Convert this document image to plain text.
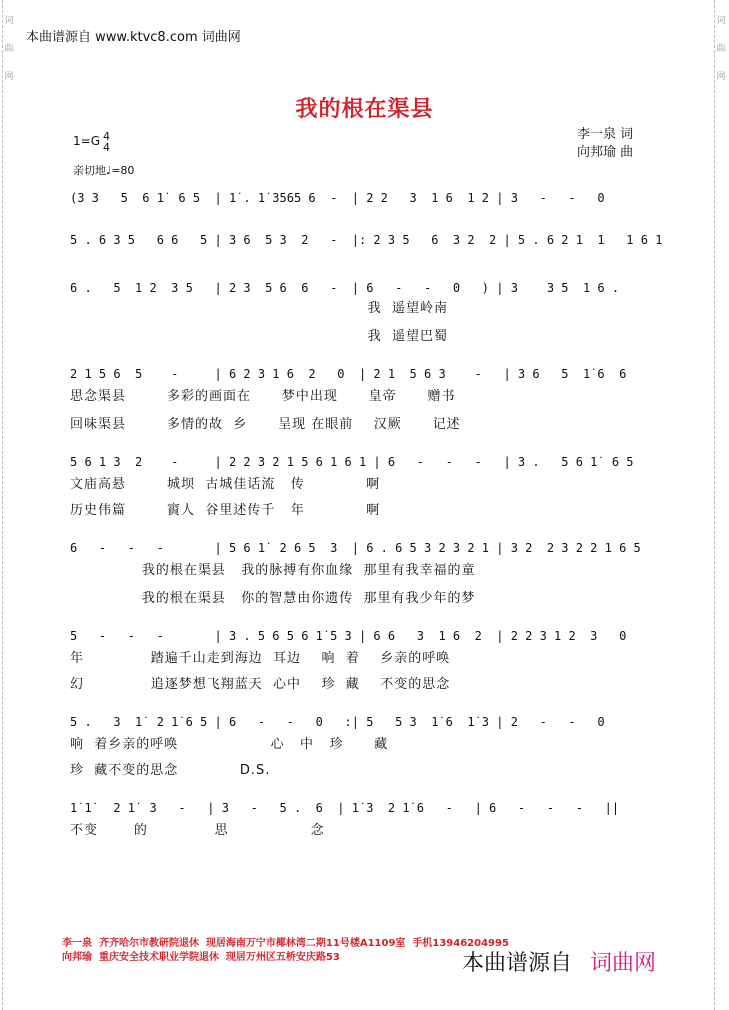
本曲谱源自 www.ktvc8.com 词曲网
词
曲
网
词
曲
网
我的根在渠县
李一泉 词
向邦瑜 曲
1=G 4
4
亲切地♩=80
(3 3   5  6 1̇  6 5  | 1̇ . 1̇ 3565 6  -  | 2 2   3  1 6  1 2 | 3   -   -   0
5 . 6 3 5   6 6   5 | 3 6  5 3  2   -  |: 2 3 5   6  3 2  2 | 5 . 6 2 1  1   1 6 1
6 .   5  1 2  3 5   | 2 3  5 6  6   -  | 6   -   -   0   ) | 3    3 5  1 6 .
我  遥望岭南
我  遥望巴蜀
2 1 5 6  5    -     | 6 2 3 1 6  2   0  | 2 1  5 6 3    -   | 3 6   5  1̇ 6  6
思念渠县        多彩的画面在      梦中出现      皇帝      赠书
回味渠县        多情的故  乡      呈现 在眼前    汉厥      记述
5 6 1 3  2    -     | 2 2 3 2 1 5 6 1 6 1 | 6   -   -   -   | 3 .   5 6 1̇  6 5
文庙高悬        城坝  古城佳话流   传            啊
历史伟篇        賨人  谷里述传千   年            啊
6   -   -   -       | 5 6 1̇  2 6 5  3  | 6 . 6 5 3 2 3 2 1 | 3 2  2 3 2 2 1 6 5
我的根在渠县   我的脉搏有你血缘  那里有我幸福的童
我的根在渠县   你的智慧由你遗传  那里有我少年的梦
5   -   -   -       | 3 . 5 6 5 6 1̇ 5 3 | 6 6   3  1 6  2  | 2 2 3 1 2  3   0
年             踏遍千山走到海边  耳边    响  着    乡亲的呼唤
幻             追逐梦想飞翔蓝天  心中    珍  藏    不变的思念
5 .   3  1̇  2 1̇ 6 5 | 6   -   -   0   :| 5   5 3  1̇ 6  1̇ 3 | 2   -   -   0
响  着乡亲的呼唤                  心   中   珍      藏
珍  藏不变的思念            D.S.
1̇ 1̇   2 1̇  3   -   | 3   -   5 .  6  | 1̇ 3  2 1̇ 6   -   | 6   -   -   -   ||
不变       的             思                念
李一泉  齐齐哈尔市教研院退休  现居海南万宁市椰林湾二期11号楼A1109室  手机13946204995
向邦瑜  重庆安全技术职业学院退休  现居万州区五桥安庆路53	本曲谱源自 词曲网
